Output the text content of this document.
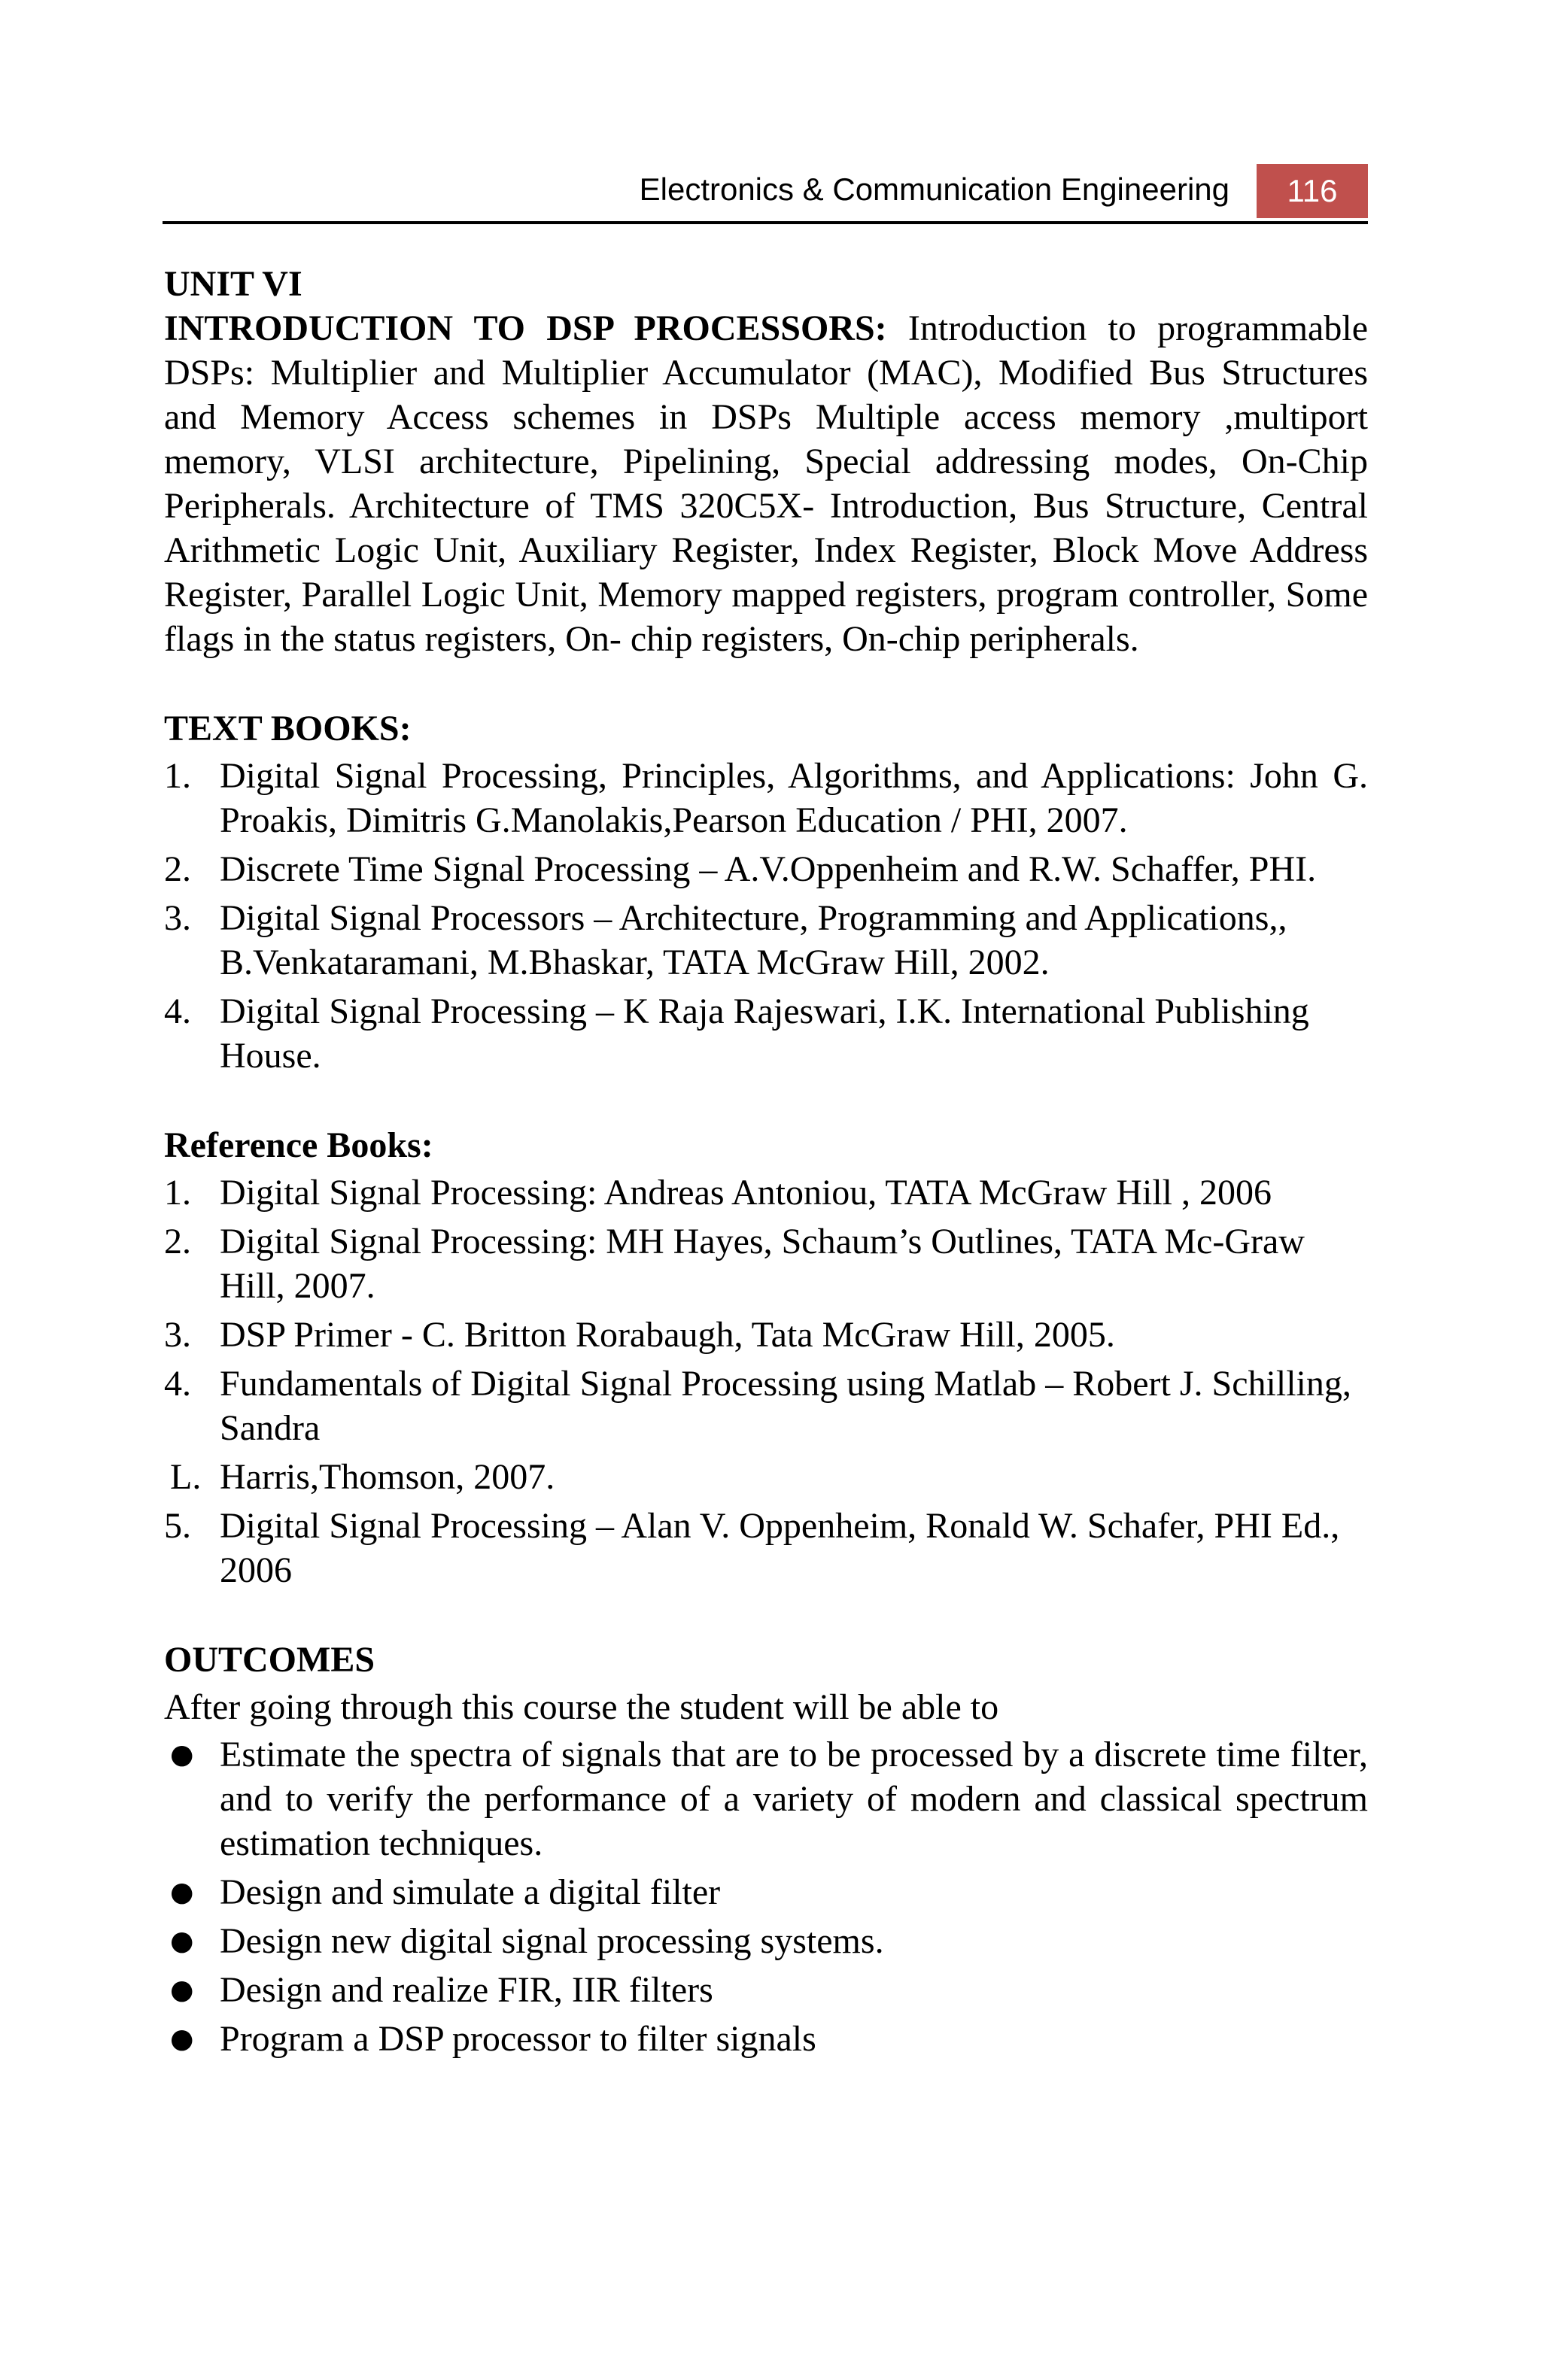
Electronics & Communication Engineering	116

UNIT VI

INTRODUCTION TO DSP PROCESSORS: Introduction to programmable DSPs: Multiplier and Multiplier Accumulator (MAC), Modified Bus Structures and Memory Access schemes in DSPs Multiple access memory ,multiport memory, VLSI architecture, Pipelining, Special addressing modes, On-Chip Peripherals. Architecture of TMS 320C5X- Introduction, Bus Structure, Central Arithmetic Logic Unit, Auxiliary Register, Index Register, Block Move Address Register, Parallel Logic Unit, Memory mapped registers, program controller, Some flags in the status registers, On- chip registers, On-chip peripherals.

TEXT BOOKS:
1. Digital Signal Processing, Principles, Algorithms, and Applications: John G. Proakis, Dimitris G.Manolakis,Pearson Education / PHI, 2007.
2. Discrete Time Signal Processing – A.V.Oppenheim and R.W. Schaffer, PHI.
3. Digital Signal Processors – Architecture, Programming and Applications,, B.Venkataramani, M.Bhaskar, TATA McGraw Hill, 2002.
4. Digital Signal Processing – K Raja Rajeswari, I.K. International Publishing House.
Reference Books:
1. Digital Signal Processing: Andreas Antoniou, TATA McGraw Hill , 2006
2. Digital Signal Processing: MH Hayes, Schaum’s Outlines, TATA Mc-Graw Hill, 2007.
3. DSP Primer - C. Britton Rorabaugh, Tata McGraw Hill, 2005.
4. Fundamentals of Digital Signal Processing using Matlab – Robert J. Schilling, Sandra
L. Harris,Thomson, 2007.
5. Digital Signal Processing – Alan V. Oppenheim, Ronald W. Schafer, PHI Ed., 2006
OUTCOMES

After going through this course the student will be able to

● Estimate the spectra of signals that are to be processed by a discrete time filter, and to verify the performance of a variety of modern and classical spectrum estimation techniques.
● Design and simulate a digital filter
● Design new digital signal processing systems.
● Design and realize FIR, IIR filters
● Program a DSP processor to filter signals
